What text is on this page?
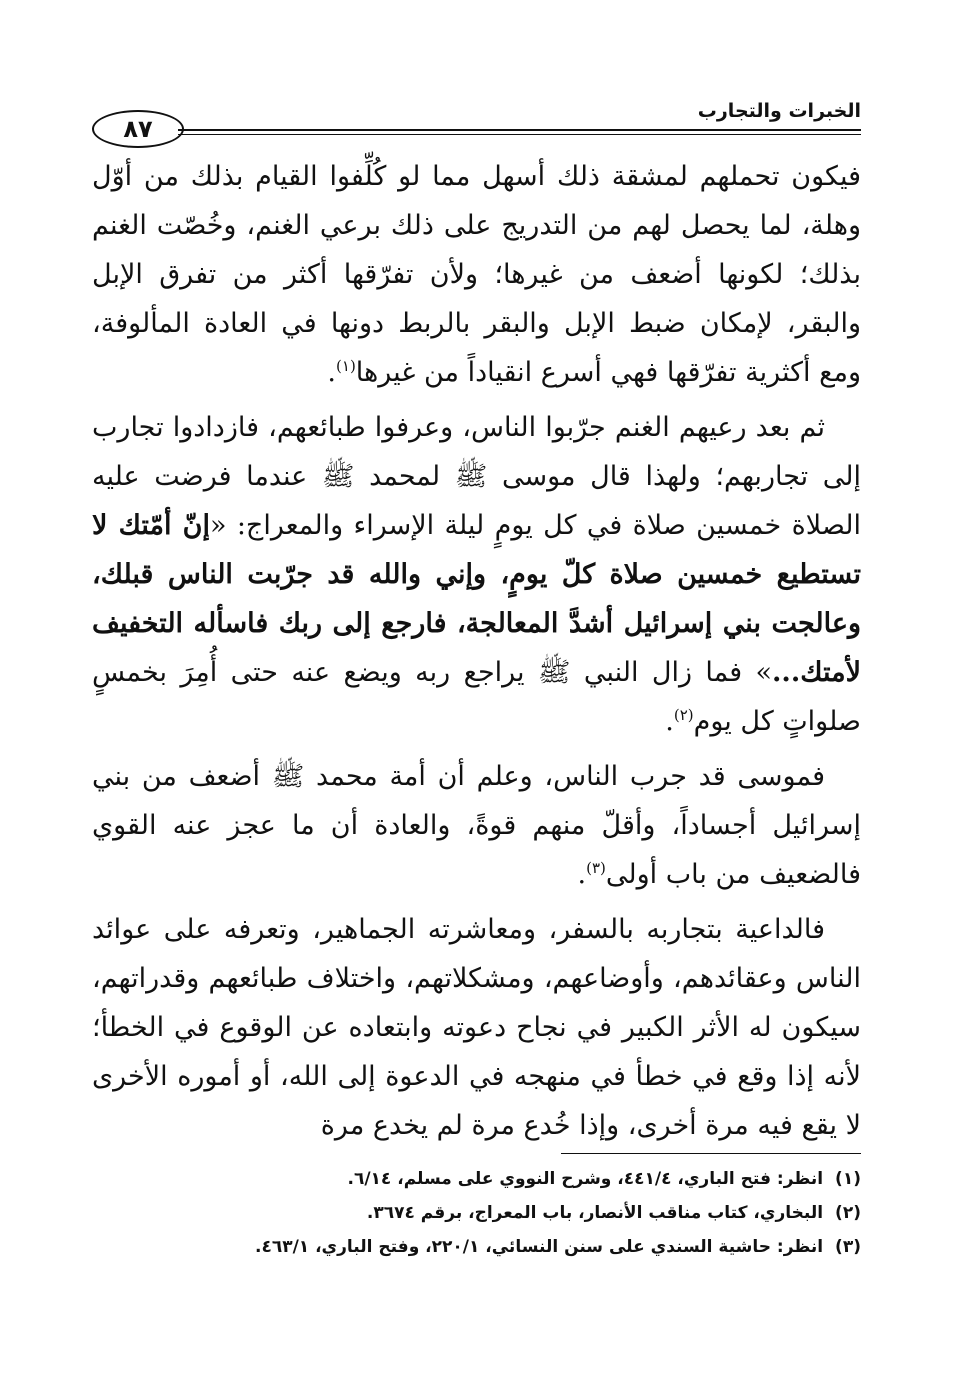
الخبرات والتجارب
٨٧

فيكون تحملهم لمشقة ذلك أسهل مما لو كُلِّفوا القيام بذلك من أوّل وهلة، لما يحصل لهم من التدريج على ذلك برعي الغنم، وخُصّت الغنم بذلك؛ لكونها أضعف من غيرها؛ ولأن تفرّقها أكثر من تفرق الإبل والبقر، لإمكان ضبط الإبل والبقر بالربط دونها في العادة المألوفة، ومع أكثرية تفرّقها فهي أسرع انقياداً من غيرها$^{(١)}$.

ثم بعد رعيهم الغنم جرّبوا الناس، وعرفوا طبائعهم، فازدادوا تجارب إلى تجاربهم؛ ولهذا قال موسى ﷺ لمحمد ﷺ عندما فرضت عليه الصلاة خمسين صلاة في كل يومٍ ليلة الإسراء والمعراج: «إنّ أمّتك لا تستطيع خمسين صلاة كلّ يومٍ، وإني والله قد جرّبت الناس قبلك، وعالجت بني إسرائيل أشدَّ المعالجة، فارجع إلى ربك فاسأله التخفيف لأمتك...» فما زال النبي ﷺ يراجع ربه ويضع عنه حتى أُمِرَ بخمسٍ صلواتٍ كل يوم$^{(٢)}$.

فموسى قد جرب الناس، وعلم أن أمة محمد ﷺ أضعف من بني إسرائيل أجساداً، وأقلّ منهم قوةً، والعادة أن ما عجز عنه القوي فالضعيف من باب أولى$^{(٣)}$.

فالداعية بتجاربه بالسفر، ومعاشرته الجماهير، وتعرفه على عوائد الناس وعقائدهم، وأوضاعهم، ومشكلاتهم، واختلاف طبائعهم وقدراتهم، سيكون له الأثر الكبير في نجاح دعوته وابتعاده عن الوقوع في الخطأ؛ لأنه إذا وقع في خطأ في منهجه في الدعوة إلى الله، أو أموره الأخرى لا يقع فيه مرة أخرى، وإذا خُدع مرة لم يخدع مرة

(١)انظر: فتح الباري، ٤٤١/٤، وشرح النووي على مسلم، ٦/١٤.

(٢)البخاري، كتاب مناقب الأنصار، باب المعراج، برقم ٣٦٧٤.

(٣)انظر: حاشية السندي على سنن النسائي، ٢٢٠/١، وفتح الباري، ٤٦٣/١.
